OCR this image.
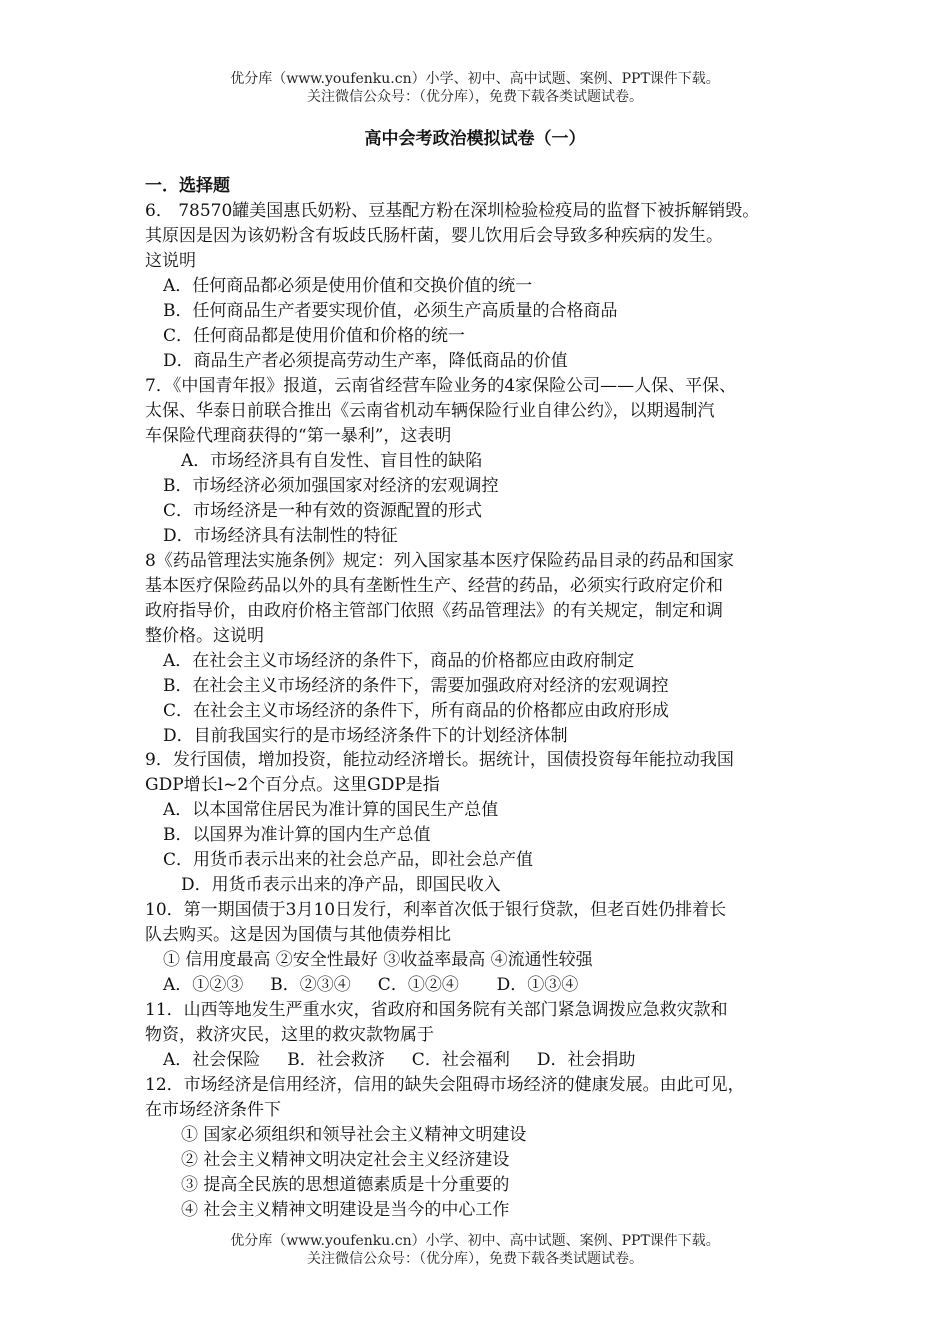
优分库（www.youfenku.cn）小学、初中、高中试题、案例、PPT课件下载。
关注微信公众号：（优分库），免费下载各类试题试卷。
高中会考政治模拟试卷（一）
一．选择题
6． 78570罐美国惠氏奶粉、豆基配方粉在深圳检验检疫局的监督下被拆解销毁。
其原因是因为该奶粉含有坂歧氏肠杆菌，婴儿饮用后会导致多种疾病的发生。
这说明
A．任何商品都必须是使用价值和交换价值的统一
B．任何商品生产者要实现价值，必须生产高质量的合格商品
C．任何商品都是使用价值和价格的统一
D．商品生产者必须提高劳动生产率，降低商品的价值
7．《中国青年报》报道，云南省经营车险业务的4家保险公司——人保、平保、
太保、华泰日前联合推出《云南省机动车辆保险行业自律公约》，以期遏制汽
车保险代理商获得的“第一暴利”，这表明
A．市场经济具有自发性、盲目性的缺陷
B．市场经济必须加强国家对经济的宏观调控
C．市场经济是一种有效的资源配置的形式
D．市场经济具有法制性的特征
8《药品管理法实施条例》规定：列入国家基本医疗保险药品目录的药品和国家
基本医疗保险药品以外的具有垄断性生产、经营的药品，必须实行政府定价和
政府指导价，由政府价格主管部门依照《药品管理法》的有关规定，制定和调
整价格。这说明
A．在社会主义市场经济的条件下，商品的价格都应由政府制定
B．在社会主义市场经济的条件下，需要加强政府对经济的宏观调控
C．在社会主义市场经济的条件下，所有商品的价格都应由政府形成
D．目前我国实行的是市场经济条件下的计划经济体制
9．发行国债，增加投资，能拉动经济增长。据统计，国债投资每年能拉动我国
GDP增长l~2个百分点。这里GDP是指
A．以本国常住居民为准计算的国民生产总值
B．以国界为准计算的国内生产总值
C．用货币表示出来的社会总产品，即社会总产值
D．用货币表示出来的净产品，即国民收入
10．第一期国债于3月10日发行，利率首次低于银行贷款，但老百姓仍排着长
队去购买。这是因为国债与其他债券相比
① 信用度最高 ②安全性最好 ③收益率最高 ④流通性较强
A．①②③     B．②③④     C．①②④       D．①③④
11．山西等地发生严重水灾，省政府和国务院有关部门紧急调拨应急救灾款和
物资，救济灾民，这里的救灾款物属于
A．社会保险     B．社会救济     C．社会福利     D．社会捐助
12．市场经济是信用经济，信用的缺失会阻碍市场经济的健康发展。由此可见，
在市场经济条件下
① 国家必须组织和领导社会主义精神文明建设
② 社会主义精神文明决定社会主义经济建设
③ 提高全民族的思想道德素质是十分重要的
④ 社会主义精神文明建设是当今的中心工作
优分库（www.youfenku.cn）小学、初中、高中试题、案例、PPT课件下载。
关注微信公众号：（优分库），免费下载各类试题试卷。
